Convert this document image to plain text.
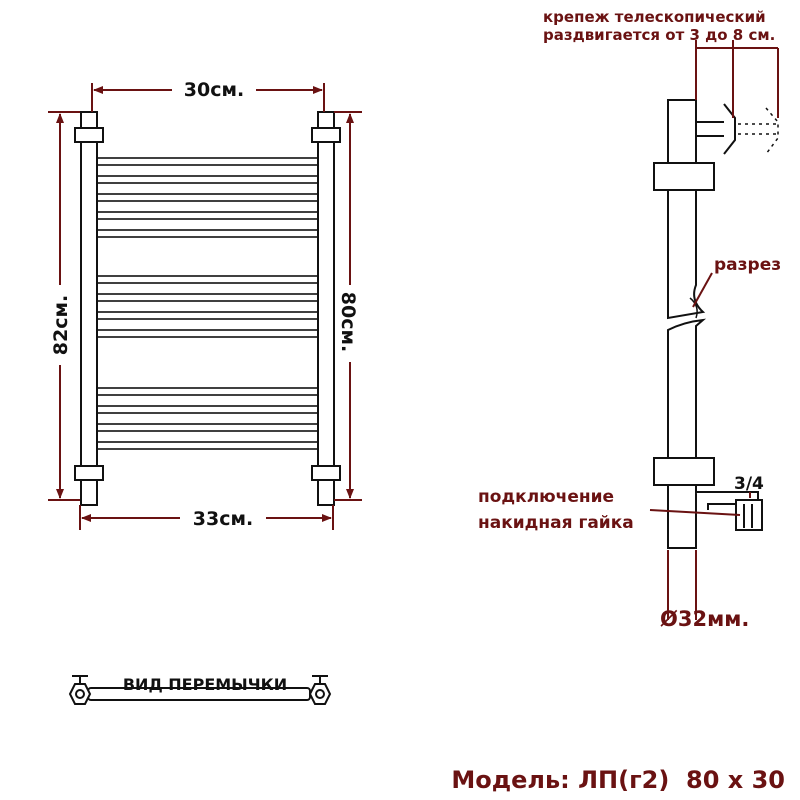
30см.
33см.
82см.	80см.
крепеж телескопический
раздвигается от 3 до 8 см.
разрез
подключение
накидная гайка
3/4
Ø32мм.
ВИД ПЕРЕМЫЧКИ
Модель: ЛП(г2)  80 х 30
